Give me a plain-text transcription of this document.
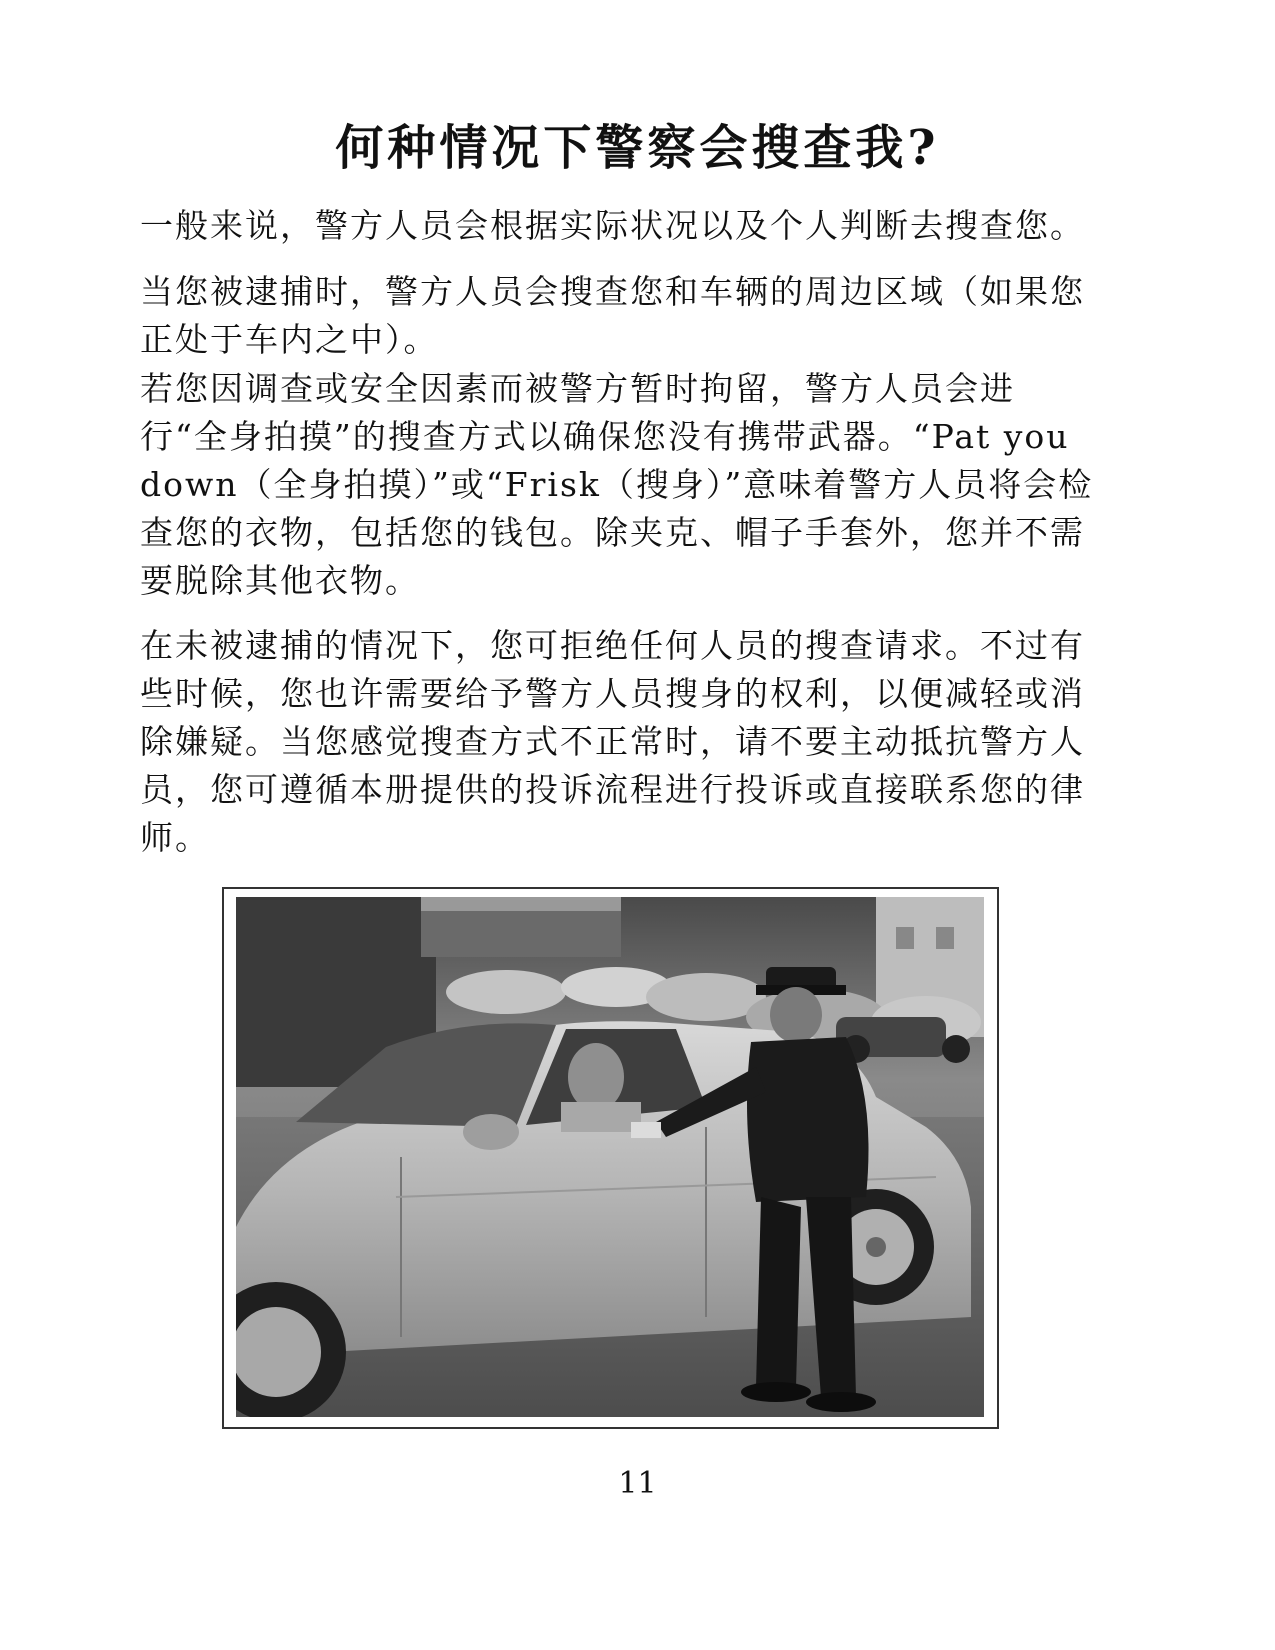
何种情况下警察会搜查我?

一般来说，警方人员会根据实际状况以及个人判断去搜查您。

当您被逮捕时，警方人员会搜查您和车辆的周边区域（如果您正处于车内之中）。

若您因调查或安全因素而被警方暂时拘留，警方人员会进行“全身拍摸”的搜查方式以确保您没有携带武器。“Pat you down（全身拍摸）”或“Frisk（搜身）”意味着警方人员将会检查您的衣物，包括您的钱包。除夹克、帽子手套外，您并不需要脱除其他衣物。

在未被逮捕的情况下，您可拒绝任何人员的搜查请求。不过有些时候，您也许需要给予警方人员搜身的权利，以便减轻或消除嫌疑。当您感觉搜查方式不正常时，请不要主动抵抗警方人员，您可遵循本册提供的投诉流程进行投诉或直接联系您的律师。

11
